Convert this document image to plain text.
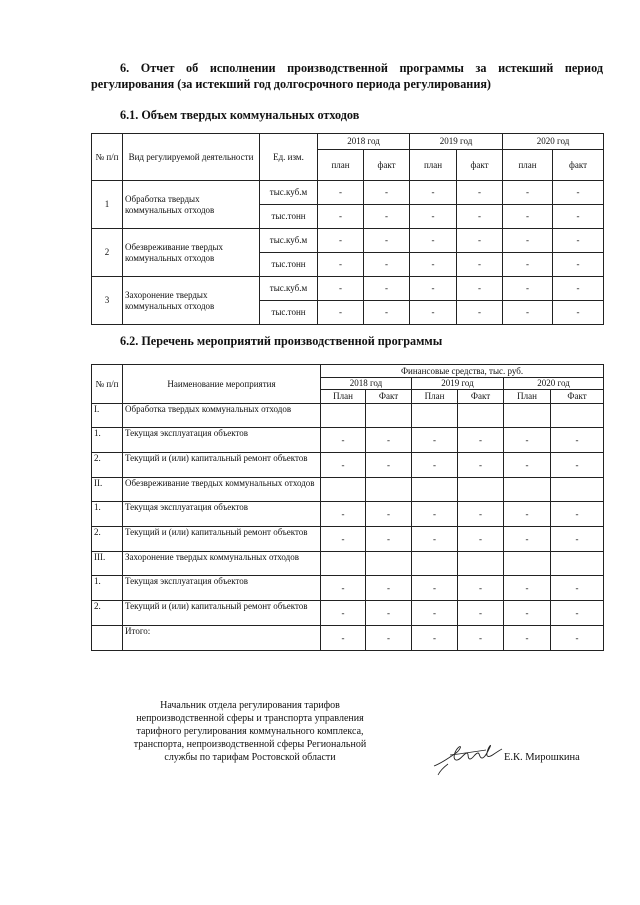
6. Отчет об исполнении производственной программы за истекший период регулирования (за истекший год долгосрочного периода регулирования)
6.1. Объем твердых коммунальных отходов
№ п/п	Вид регулируемой деятельности	Ед. изм.	2018 год		2019 год		2020 год	
			план	факт	план	факт	план	факт
1	Обработка твердых коммунальных отходов	тыс.куб.м	-	-	-	-	-	-
		тыс.тонн	-	-	-	-	-	-
2	Обезвреживание твердых коммунальных отходов	тыс.куб.м	-	-	-	-	-	-
		тыс.тонн	-	-	-	-	-	-
3	Захоронение твердых коммунальных отходов	тыс.куб.м	-	-	-	-	-	-
		тыс.тонн	-	-	-	-	-	-
6.2. Перечень мероприятий производственной программы
№ п/п	Наименование мероприятия	Финансовые средства, тыс. руб.					
		2018 год		2019 год		2020 год	
		План	Факт	План	Факт	План	Факт
I.	Обработка твердых коммунальных отходов						
1.	Текущая эксплуатация объектов	-	-	-	-	-	-
2.	Текущий и (или) капитальный ремонт объектов	-	-	-	-	-	-
II.	Обезвреживание твердых коммунальных отходов						
1.	Текущая эксплуатация объектов	-	-	-	-	-	-
2.	Текущий и (или) капитальный ремонт объектов	-	-	-	-	-	-
III.	Захоронение твердых коммунальных отходов						
1.	Текущая эксплуатация объектов	-	-	-	-	-	-
2.	Текущий и (или) капитальный ремонт объектов	-	-	-	-	-	-
	Итого:	-	-	-	-	-	-
Начальник отдела регулирования тарифов
непроизводственной сферы и транспорта управления
тарифного регулирования коммунального комплекса,
транспорта, непроизводственной сферы Региональной
службы по тарифам Ростовской области	Е.К. Мирошкина
